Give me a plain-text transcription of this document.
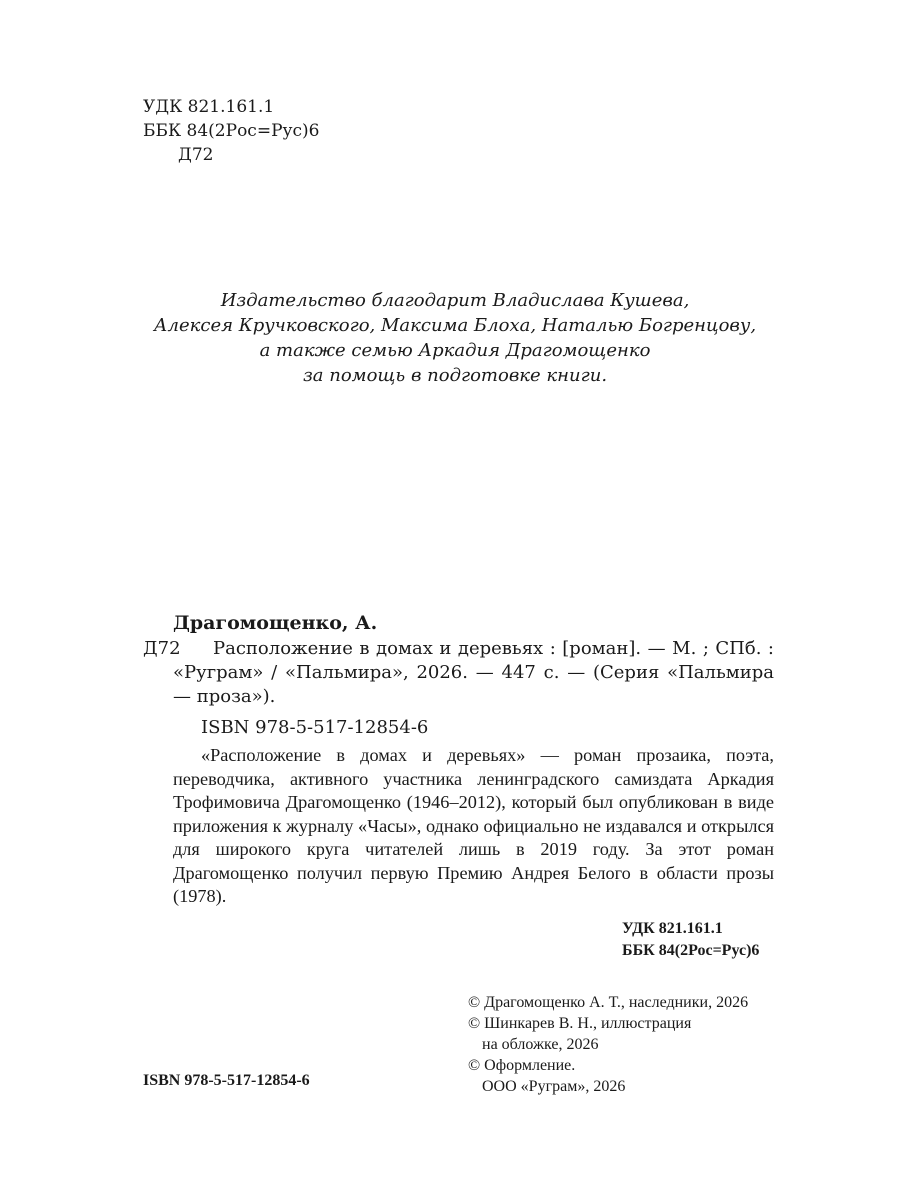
УДК 821.161.1
ББК 84(2Рос=Рус)6
Д72
Издательство благодарит Владислава Кушева,
Алексея Кручковского, Максима Блоха, Наталью Богренцову,
а также семью Аркадия Драгомощенко
за помощь в подготовке книги.
Драгомощенко, А.
Д72	Расположение в домах и деревьях : [роман]. — М. ; СПб. : «Руграм» / «Пальмира», 2026. — 447 с. — (Серия «Пальмира — проза»).
ISBN 978-5-517-12854-6
«Расположение в домах и деревьях» — роман прозаика, поэта, переводчика, активного участника ленинградского самиздата Аркадия Трофимовича Драгомощенко (1946–2012), который был опубликован в виде приложения к журналу «Часы», однако официально не издавался и открылся для широкого круга читателей лишь в 2019 году. За этот роман Драгомощенко получил первую Премию Андрея Белого в области прозы (1978).
УДК 821.161.1
ББК 84(2Рос=Рус)6
© Драгомощенко А. Т., наследники, 2026
© Шинкарев В. Н., иллюстрация
на обложке, 2026
© Оформление.
ООО «Руграм», 2026
ISBN 978-5-517-12854-6
